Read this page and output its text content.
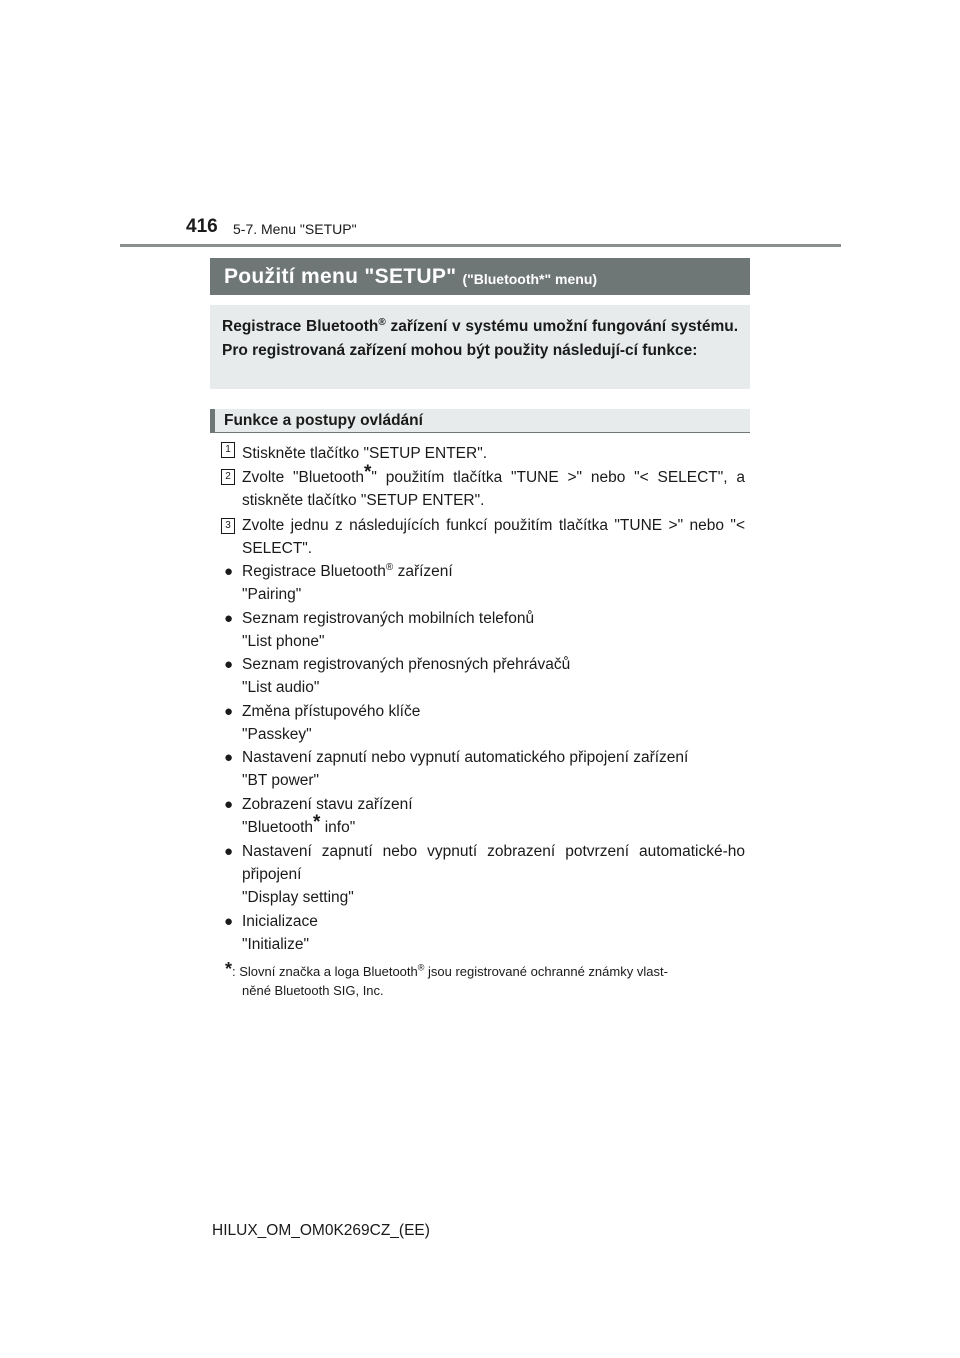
416 5-7. Menu "SETUP"
Použití menu "SETUP" ("Bluetooth*" menu)
Registrace Bluetooth® zařízení v systému umožní fungování systému. Pro registrovaná zařízení mohou být použity následují-cí funkce:
Funkce a postupy ovládání
1 Stiskněte tlačítko "SETUP ENTER".
2 Zvolte "Bluetooth*" použitím tlačítka "TUNE >" nebo "< SELECT", a stiskněte tlačítko "SETUP ENTER".
3 Zvolte jednu z následujících funkcí použitím tlačítka "TUNE >" nebo "< SELECT".
● Registrace Bluetooth® zařízení
"Pairing"
● Seznam registrovaných mobilních telefonů
"List phone"
● Seznam registrovaných přenosných přehrávačů
"List audio"
● Změna přístupového klíče
"Passkey"
● Nastavení zapnutí nebo vypnutí automatického připojení zařízení
"BT power"
● Zobrazení stavu zařízení
"Bluetooth* info"
● Nastavení zapnutí nebo vypnutí zobrazení potvrzení automatické-ho připojení
"Display setting"
● Inicializace
"Initialize"
*: Slovní značka a loga Bluetooth® jsou registrované ochranné známky vlast-
něné Bluetooth SIG, Inc.
HILUX_OM_OM0K269CZ_(EE)
